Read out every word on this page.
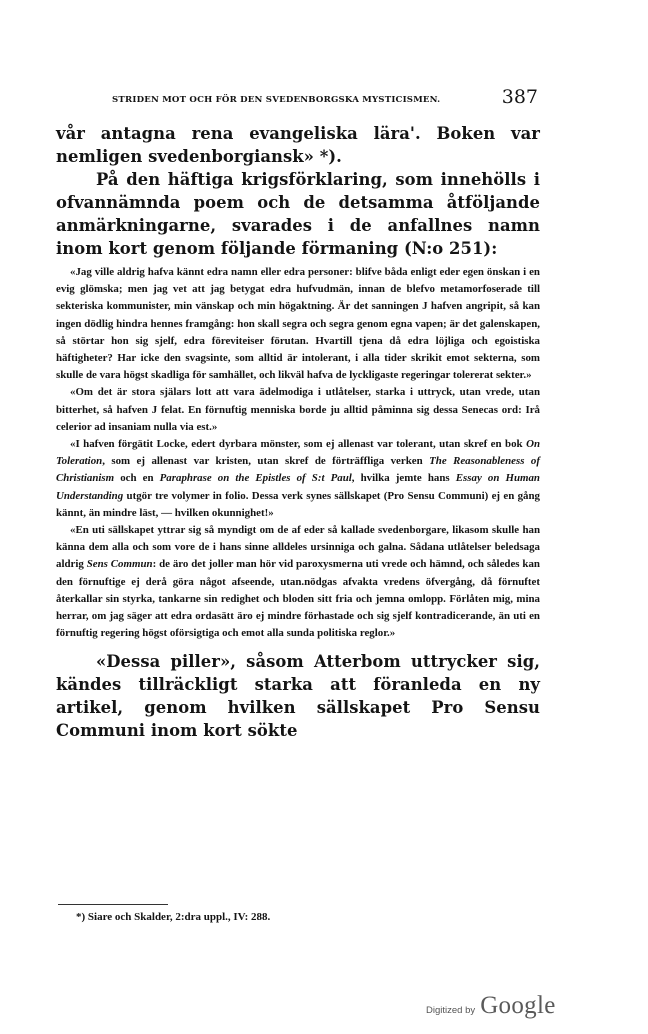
STRIDEN MOT OCH FÖR DEN SVEDENBORGSKA MYSTICISMEN.	387

vår antagna rena evangeliska lära'. Boken var nemligen svedenborgiansk» *).

På den häftiga krigsförklaring, som innehölls i ofvannämnda poem och de detsamma åtföljande anmärkningarne, svarades i de anfallnes namn inom kort genom följande förmaning (N:o 251):

«Jag ville aldrig hafva kännt edra namn eller edra personer: blifve båda enligt eder egen önskan i en evig glömska; men jag vet att jag betygat edra hufvudmän, innan de blefvo metamorfoserade till sekteriska kommunister, min vänskap och min högaktning. Är det sanningen J hafven angripit, så kan ingen dödlig hindra hennes framgång: hon skall segra och segra genom egna vapen; är det galenskapen, så störtar hon sig sjelf, edra föreviteiser förutan. Hvartill tjena då edra löjliga och egoistiska häftigheter? Har icke den svagsinte, som alltid är intolerant, i alla tider skrikit emot sekterna, som skulle de vara högst skadliga för samhället, och likväl hafva de lyckligaste regeringar tolererat sekter.»

«Om det är stora själars lott att vara ädelmodiga i utlåtelser, starka i uttryck, utan vrede, utan bitterhet, så hafven J felat. En förnuftig menniska borde ju alltid påminna sig dessa Senecas ord: Irå celerior ad insaniam nulla via est.»

«I hafven förgätit Locke, edert dyrbara mönster, som ej allenast var tolerant, utan skref en bok On Toleration, som ej allenast var kristen, utan skref de förträffliga verken The Reasonableness of Christianism och en Paraphrase on the Epistles of S:t Paul, hvilka jemte hans Essay on Human Understanding utgör tre volymer in folio. Dessa verk synes sällskapet (Pro Sensu Communi) ej en gång kännt, än mindre läst, — hvilken okunnighet!»

«En uti sällskapet yttrar sig så myndigt om de af eder så kallade svedenborgare, likasom skulle han känna dem alla och som vore de i hans sinne alldeles ursinniga och galna. Sådana utlåtelser beledsaga aldrig Sens Commun: de äro det joller man hör vid paroxysmerna uti vrede och hämnd, och således kan den förnuftige ej derå göra något afseende, utan.nödgas afvakta vredens öfvergång, då förnuftet återkallar sin styrka, tankarne sin redighet och bloden sitt fria och jemna omlopp. Förlåten mig, mina herrar, om jag säger att edra ordasätt äro ej mindre förhastade och sig sjelf kontradicerande, än uti en förnuftig regering högst oförsigtiga och emot alla sunda politiska reglor.»

«Dessa piller», såsom Atterbom uttrycker sig, kändes tillräckligt starka att föranleda en ny artikel, genom hvilken sällskapet Pro Sensu Communi inom kort sökte

*) Siare och Skalder, 2:dra uppl., IV: 288.
Digitized by Google
